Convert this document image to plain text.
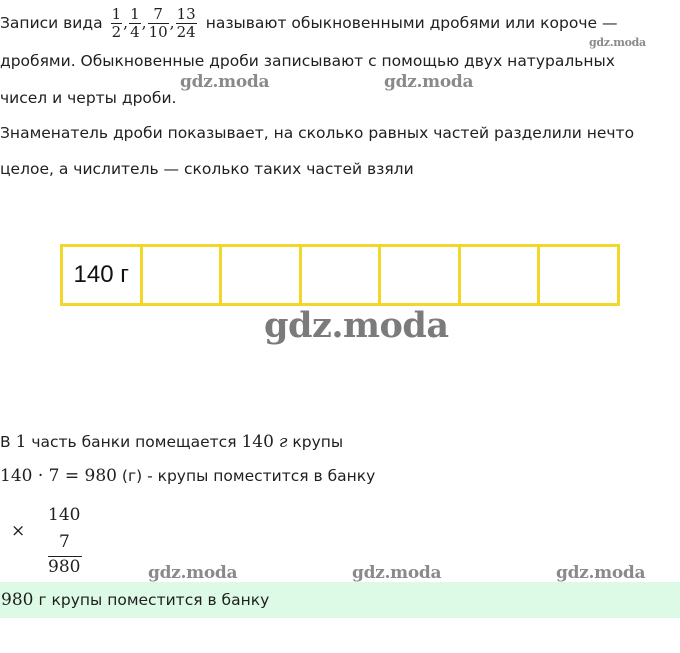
Записи вида $\frac{1}{2}$ , $\frac{1}{4}$ , $\frac{7}{10}$ , $\frac{13}{24}$ называют обыкновенными дробями или короче —
дробями. Обыкновенные дроби записывают с помощью двух натуральных
чисел и черты дроби.
Знаменатель дроби показывает, на сколько равных частей разделили нечто
целое, а числитель — сколько таких частей взяли
140 г
В 1 часть банки помещается 140 г крупы
140 · 7 = 980 (г) - крупы поместится в банку
×
140
7
980
980 г крупы поместится в банку
gdz.moda
gdz.moda	gdz.moda
gdz.moda
gdz.moda	gdz.moda	gdz.moda
